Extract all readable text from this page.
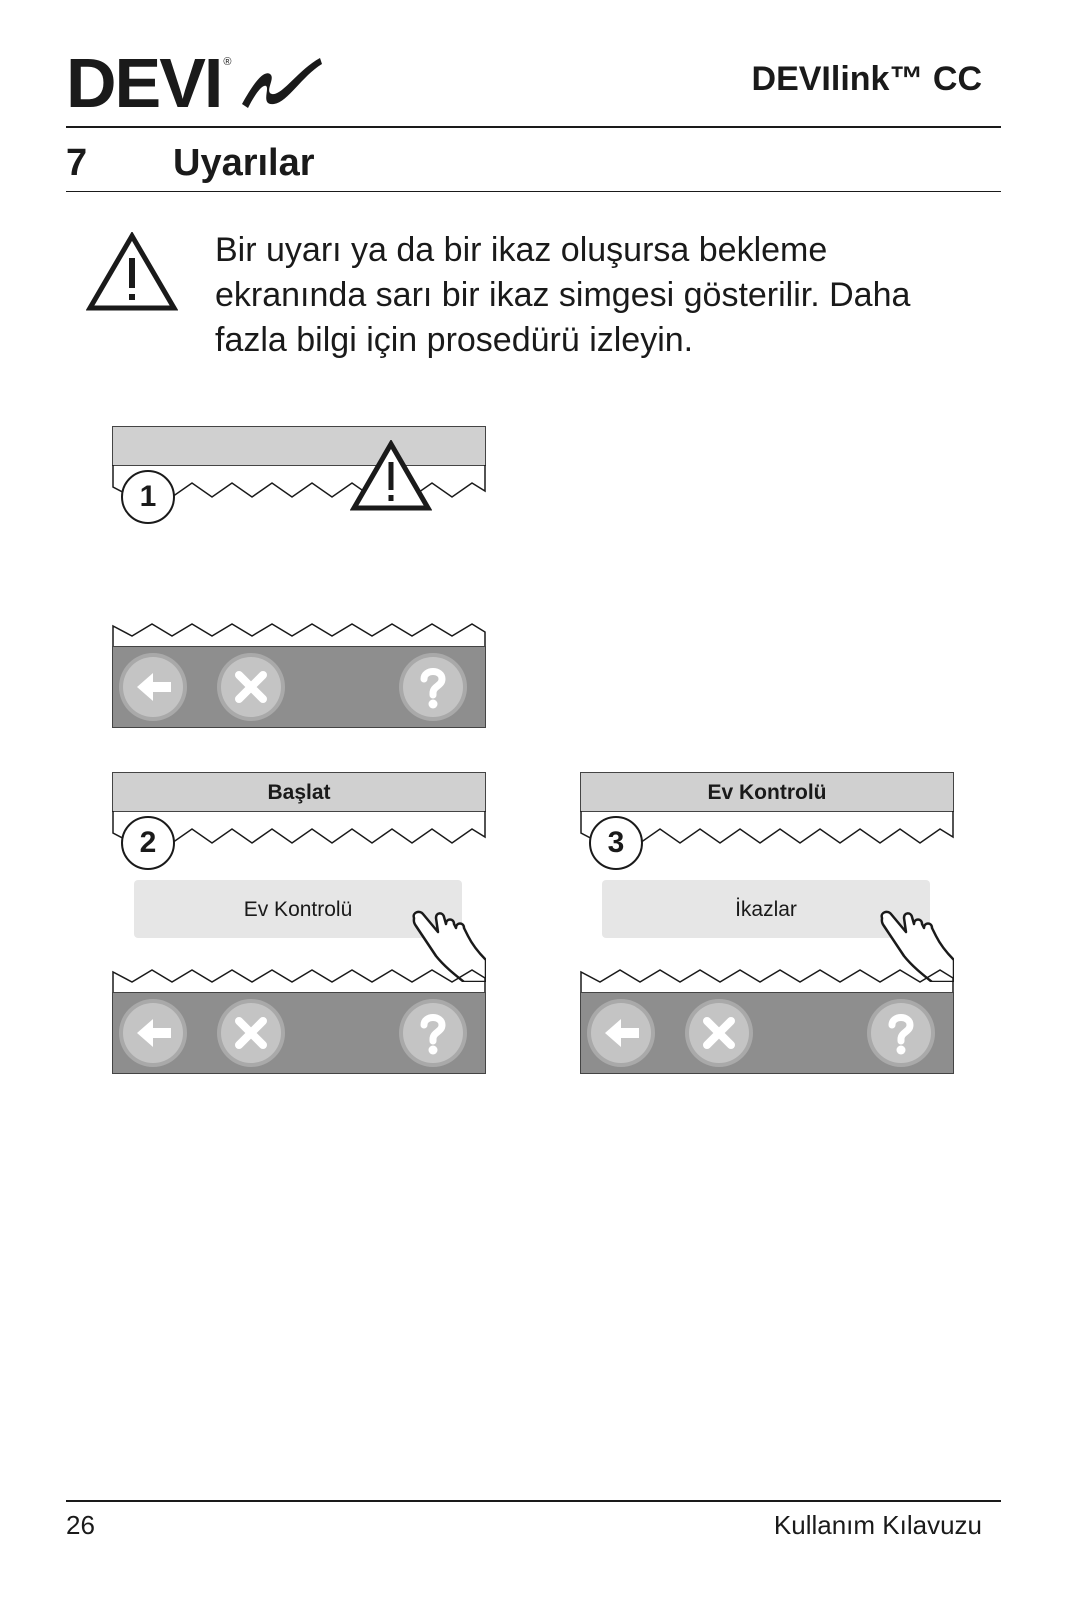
DEVI ®	DEVIlink™ CC
7 Uyarılar
Bir uyarı ya da bir ikaz oluşursa bekleme ekranında sarı bir ikaz simgesi gösterilir. Daha fazla bilgi için prosedürü izleyin.
1
Başlat
2
Ev Kontrolü
Ev Kontrolü
3
İkazlar
26	Kullanım Kılavuzu
